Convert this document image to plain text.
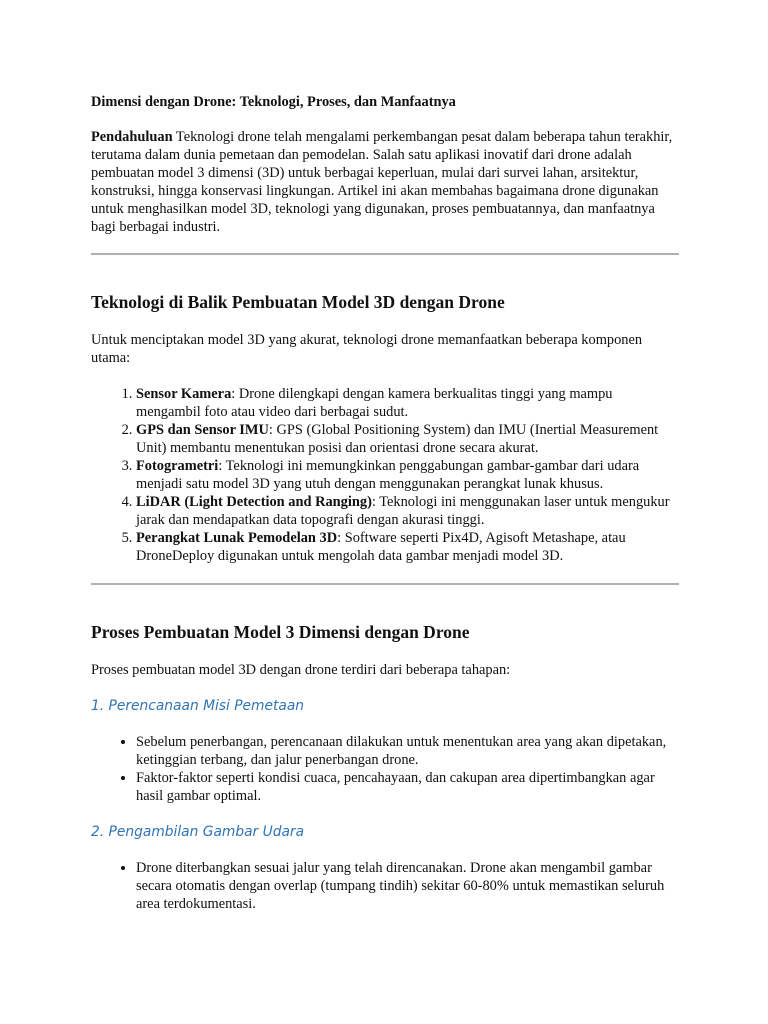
Dimensi dengan Drone: Teknologi, Proses, dan Manfaatnya

Pendahuluan Teknologi drone telah mengalami perkembangan pesat dalam beberapa tahun terakhir, terutama dalam dunia pemetaan dan pemodelan. Salah satu aplikasi inovatif dari drone adalah pembuatan model 3 dimensi (3D) untuk berbagai keperluan, mulai dari survei lahan, arsitektur, konstruksi, hingga konservasi lingkungan. Artikel ini akan membahas bagaimana drone digunakan untuk menghasilkan model 3D, teknologi yang digunakan, proses pembuatannya, dan manfaatnya bagi berbagai industri.

Teknologi di Balik Pembuatan Model 3D dengan Drone

Untuk menciptakan model 3D yang akurat, teknologi drone memanfaatkan beberapa komponen utama:

1. Sensor Kamera: Drone dilengkapi dengan kamera berkualitas tinggi yang mampu mengambil foto atau video dari berbagai sudut.
2. GPS dan Sensor IMU: GPS (Global Positioning System) dan IMU (Inertial Measurement Unit) membantu menentukan posisi dan orientasi drone secara akurat.
3. Fotogrametri: Teknologi ini memungkinkan penggabungan gambar-gambar dari udara menjadi satu model 3D yang utuh dengan menggunakan perangkat lunak khusus.
4. LiDAR (Light Detection and Ranging): Teknologi ini menggunakan laser untuk mengukur jarak dan mendapatkan data topografi dengan akurasi tinggi.
5. Perangkat Lunak Pemodelan 3D: Software seperti Pix4D, Agisoft Metashape, atau DroneDeploy digunakan untuk mengolah data gambar menjadi model 3D.
Proses Pembuatan Model 3 Dimensi dengan Drone

Proses pembuatan model 3D dengan drone terdiri dari beberapa tahapan:

1. Perencanaan Misi Pemetaan
• Sebelum penerbangan, perencanaan dilakukan untuk menentukan area yang akan dipetakan, ketinggian terbang, dan jalur penerbangan drone.
• Faktor-faktor seperti kondisi cuaca, pencahayaan, dan cakupan area dipertimbangkan agar hasil gambar optimal.
2. Pengambilan Gambar Udara
• Drone diterbangkan sesuai jalur yang telah direncanakan. Drone akan mengambil gambar secara otomatis dengan overlap (tumpang tindih) sekitar 60-80% untuk memastikan seluruh area terdokumentasi.
